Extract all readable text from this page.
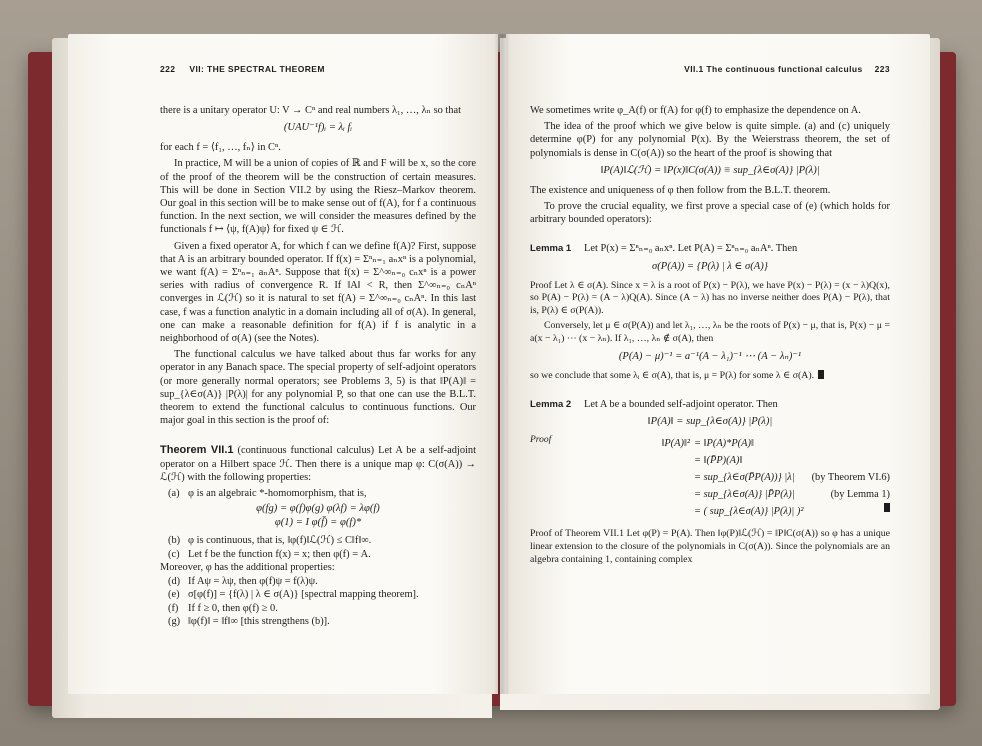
222 VII: THE SPECTRAL THEOREM
there is a unitary operator U: V → Cⁿ and real numbers λ₁, …, λₙ so that
(UAU⁻¹f)ᵢ = λᵢ fᵢ
for each f = ⟨f₁, …, fₙ⟩ in Cⁿ.
In practice, M will be a union of copies of ℝ and F will be x, so the core of the proof of the theorem will be the construction of certain measures. This will be done in Section VII.2 by using the Riesz–Markov theorem. Our goal in this section will be to make sense out of f(A), for f a continuous function. In the next section, we will consider the measures defined by the functionals f ↦ ⟨ψ, f(A)ψ⟩ for fixed ψ ∈ ℋ.
Given a fixed operator A, for which f can we define f(A)? First, suppose that A is an arbitrary bounded operator. If f(x) = Σⁿₙ₌₁ aₙxⁿ is a polynomial, we want f(A) = Σⁿₙ₌₁ aₙAⁿ. Suppose that f(x) = Σ^∞ₙ₌₀ cₙxⁿ is a power series with radius of convergence R. If ‖A‖ < R, then Σ^∞ₙ₌₀ cₙAⁿ converges in ℒ(ℋ) so it is natural to set f(A) = Σ^∞ₙ₌₀ cₙAⁿ. In this last case, f was a function analytic in a domain including all of σ(A). In general, one can make a reasonable definition for f(A) if f is analytic in a neighborhood of σ(A) (see the Notes).
The functional calculus we have talked about thus far works for any operator in any Banach space. The special property of self-adjoint operators (or more generally normal operators; see Problems 3, 5) is that ‖P(A)‖ = sup_{λ∈σ(A)} |P(λ)| for any polynomial P, so that one can use the B.L.T. theorem to extend the functional calculus to continuous functions. Our major goal in this section is the proof of:
Theorem VII.1 (continuous functional calculus) Let A be a self-adjoint operator on a Hilbert space ℋ. Then there is a unique map φ: C(σ(A)) → ℒ(ℋ) with the following properties:
(a) φ is an algebraic *-homomorphism, that is,
φ(fg) = φ(f)φ(g) φ(λf) = λφ(f)
φ(1) = I φ(f̄) = φ(f)*
(b) φ is continuous, that is, ‖φ(f)‖ℒ(ℋ) ≤ C‖f‖∞.
(c) Let f be the function f(x) = x; then φ(f) = A.
Moreover, φ has the additional properties:
(d) If Aψ = λψ, then φ(f)ψ = f(λ)ψ.
(e) σ[φ(f)] = {f(λ) | λ ∈ σ(A)} [spectral mapping theorem].
(f) If f ≥ 0, then φ(f) ≥ 0.
(g) ‖φ(f)‖ = ‖f‖∞ [this strengthens (b)].
VII.1 The continuous functional calculus 223
We sometimes write φ_A(f) or f(A) for φ(f) to emphasize the dependence on A.
The idea of the proof which we give below is quite simple. (a) and (c) uniquely determine φ(P) for any polynomial P(x). By the Weierstrass theorem, the set of polynomials is dense in C(σ(A)) so the heart of the proof is showing that
‖P(A)‖ℒ(ℋ) = ‖P(x)‖C(σ(A)) ≡ sup_{λ∈σ(A)} |P(λ)|
The existence and uniqueness of φ then follow from the B.L.T. theorem.
To prove the crucial equality, we first prove a special case of (e) (which holds for arbitrary bounded operators):
Lemma 1	Let P(x) = Σⁿₙ₌₀ aₙxⁿ. Let P(A) = Σⁿₙ₌₀ aₙAⁿ. Then
σ(P(A)) = {P(λ) | λ ∈ σ(A)}
Proof Let λ ∈ σ(A). Since x = λ is a root of P(x) − P(λ), we have P(x) − P(λ) = (x − λ)Q(x), so P(A) − P(λ) = (A − λ)Q(A). Since (A − λ) has no inverse neither does P(A) − P(λ), that is, P(λ) ∈ σ(P(A)).
Conversely, let μ ∈ σ(P(A)) and let λ₁, …, λₙ be the roots of P(x) − μ, that is, P(x) − μ = a(x − λ₁) ⋯ (x − λₙ). If λ₁, …, λₙ ∉ σ(A), then
(P(A) − μ)⁻¹ = a⁻¹(A − λ₁)⁻¹ ⋯ (A − λₙ)⁻¹
so we conclude that some λᵢ ∈ σ(A), that is, μ = P(λ) for some λ ∈ σ(A).
Lemma 2	Let A be a bounded self-adjoint operator. Then
‖P(A)‖ = sup_{λ∈σ(A)} |P(λ)|
Proof	‖P(A)‖² = ‖P(A)*P(A)‖
= ‖(P̄P)(A)‖
= sup_{λ∈σ(P̄P(A))} |λ|	(by Theorem VI.6)
= sup_{λ∈σ(A)} |P̄P(λ)|	(by Lemma 1)
= ( sup_{λ∈σ(A)} |P(λ)| )²
Proof of Theorem VII.1 Let φ(P) = P(A). Then ‖φ(P)‖ℒ(ℋ) = ‖P‖C(σ(A)) so φ has a unique linear extension to the closure of the polynomials in C(σ(A)). Since the polynomials are an algebra containing 1, containing complex
